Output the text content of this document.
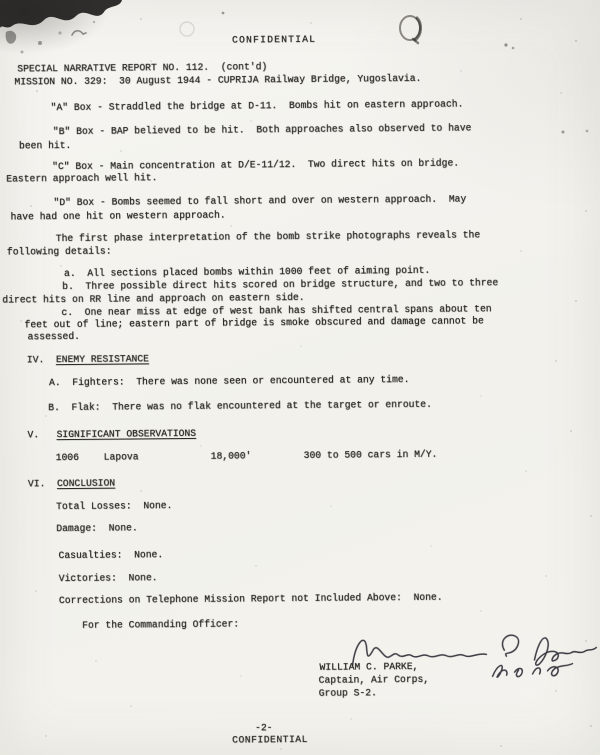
CONFIDENTIAL
SPECIAL NARRATIVE REPORT NO. 112.  (cont'd)
MISSION NO. 329:  30 August 1944 - CUPRIJA Railway Bridge, Yugoslavia.
"A" Box - Straddled the bridge at D-11.  Bombs hit on eastern approach.
"B" Box - BAP believed to be hit.  Both approaches also observed to have
been hit.
"C" Box - Main concentration at D/E-11/12.  Two direct hits on bridge.
Eastern approach well hit.
"D" Box - Bombs seemed to fall short and over on western approach.  May
have had one hit on western approach.
The first phase interpretation of the bomb strike photographs reveals the
following details:
a.  All sections placed bombs within 1000 feet of aiming point.
b.  Three possible direct hits scored on bridge structure, and two to three
direct hits on RR line and approach on eastern side.
c.  One near miss at edge of west bank has shifted central spans about ten
feet out of line; eastern part of bridge is smoke obscured and damage cannot be
assessed.
IV.  ENEMY RESISTANCE
A.  Fighters:  There was none seen or encountered at any time.
B.  Flak:  There was no flak encountered at the target or enroute.
V.   SIGNIFICANT OBSERVATIONS
1006	Lapova	18,000'	300 to 500 cars in M/Y.
VI.  CONCLUSION
Total Losses:  None.
Damage:  None.
Casualties:  None.
Victories:  None.
Corrections on Telephone Mission Report not Included Above:  None.
For the Commanding Officer:
WILLIAM C. PARKE,
Captain, Air Corps,
Group S-2.
-2-
CONFIDENTIAL
